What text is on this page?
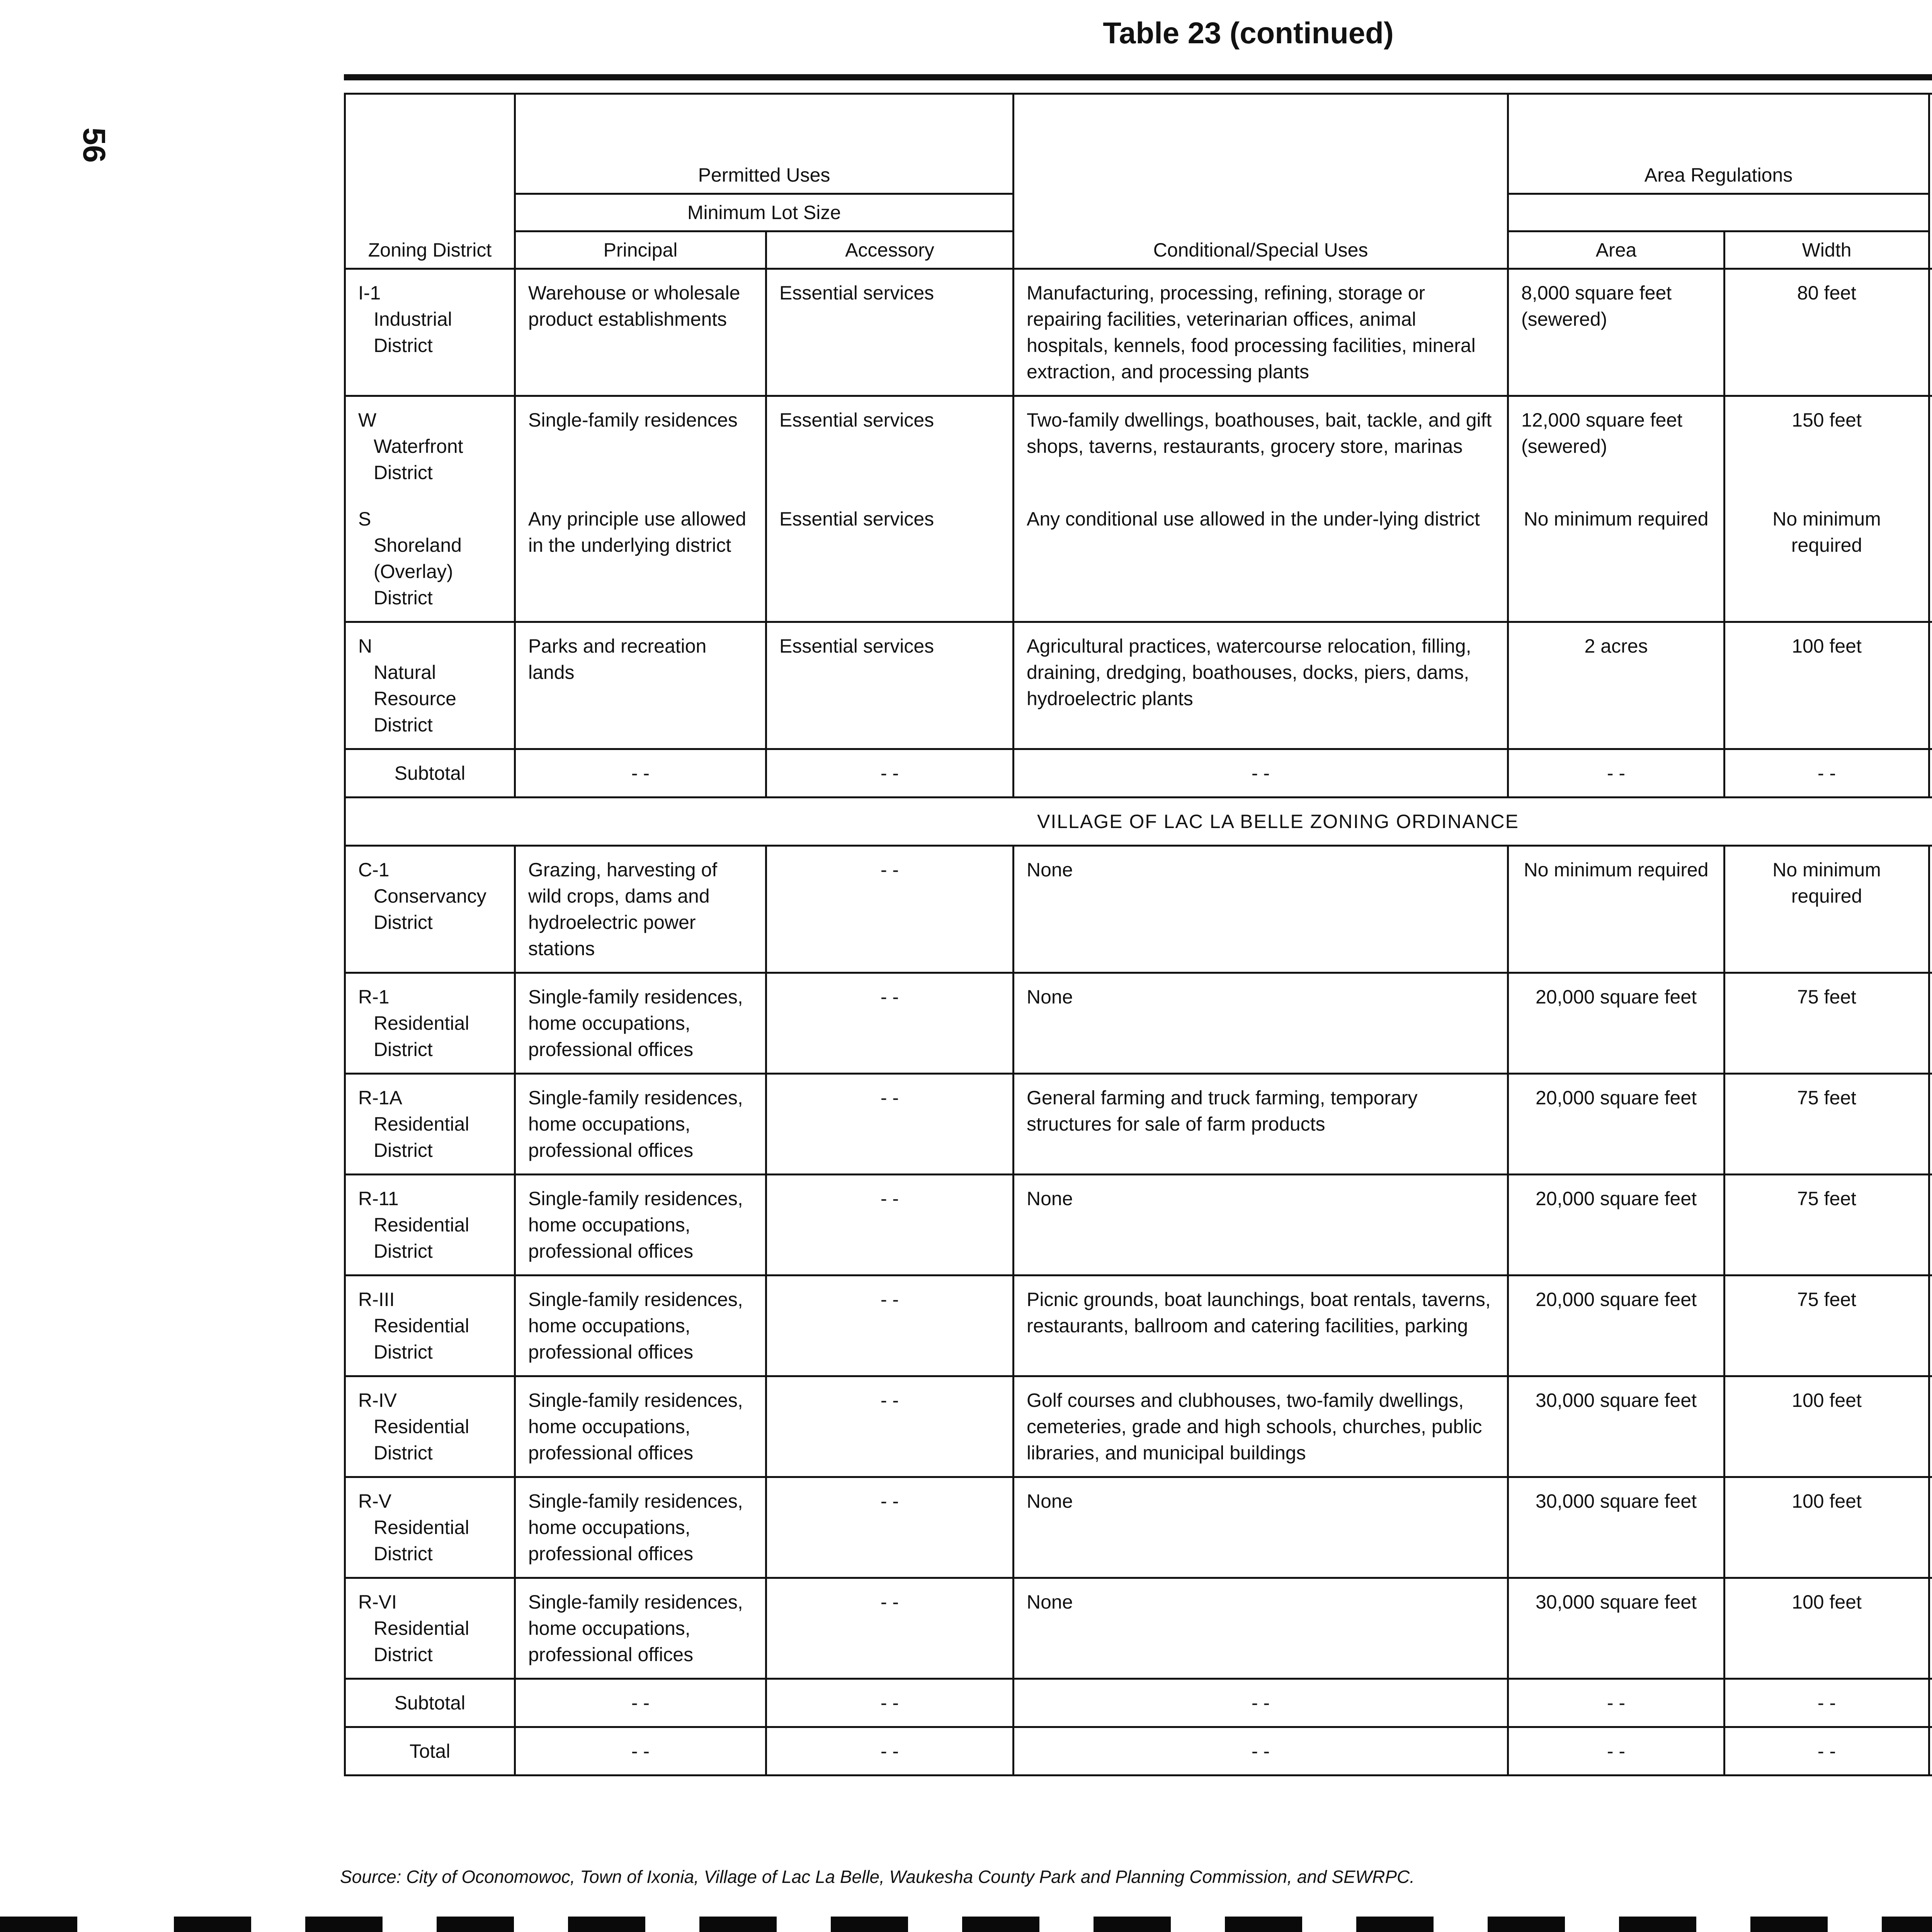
56
Table 23 (continued)
Zoning District	Permitted Uses		Conditional/Special Uses	Area Regulations		
	Minimum Lot Size						
	Principal	Accessory		Area	Width		

I-1
Industrial
District	Warehouse or wholesale product establishments	Essential services	Manufacturing, processing, refining, storage or repairing facilities, veterinarian offices, animal hospitals, kennels, food processing facilities, mineral extraction, and processing plants	8,000 square feet (sewered)	80 feet		

W
Waterfront
District	Single-family residences	Essential services	Two-family dwellings, boathouses, bait, tackle, and gift shops, taverns, restaurants, grocery store, marinas	12,000 square feet (sewered)	150 feet		

S
Shoreland
(Overlay)
District	Any principle use allowed in the underlying district	Essential services	Any conditional use allowed in the under-lying district	No minimum required	No minimum required		

N
Natural
Resource
District	Parks and recreation lands	Essential services	Agricultural practices, watercourse relocation, filling, draining, dredging, boathouses, docks, piers, dams, hydroelectric plants	2 acres	100 feet		
Subtotal	- -	- -	- -	- -	- -		
VILLAGE OF LAC LA BELLE ZONING ORDINANCE							

C-1
Conservancy
District	Grazing, harvesting of wild crops, dams and hydroelectric power stations	- -	None	No minimum required	No minimum required		

R-1
Residential
District	Single-family residences, home occupations, professional offices	- -	None	20,000 square feet	75 feet		

R-1A
Residential
District	Single-family residences, home occupations, professional offices	- -	General farming and truck farming, temporary structures for sale of farm products	20,000 square feet	75 feet		

R-11
Residential
District	Single-family residences, home occupations, professional offices	- -	None	20,000 square feet	75 feet		

R-III
Residential
District	Single-family residences, home occupations, professional offices	- -	Picnic grounds, boat launchings, boat rentals, taverns, restaurants, ballroom and catering facilities, parking	20,000 square feet	75 feet		

R-IV
Residential
District	Single-family residences, home occupations, professional offices	- -	Golf courses and clubhouses, two-family dwellings, cemeteries, grade and high schools, churches, public libraries, and municipal buildings	30,000 square feet	100 feet		

R-V
Residential
District	Single-family residences, home occupations, professional offices	- -	None	30,000 square feet	100 feet		

R-VI
Residential
District	Single-family residences, home occupations, professional offices	- -	None	30,000 square feet	100 feet		
Subtotal	- -	- -	- -	- -	- -		
Total	- -	- -	- -	- -	- -		
Source: City of Oconomowoc, Town of Ixonia, Village of Lac La Belle, Waukesha County Park and Planning Commission, and SEWRPC.
